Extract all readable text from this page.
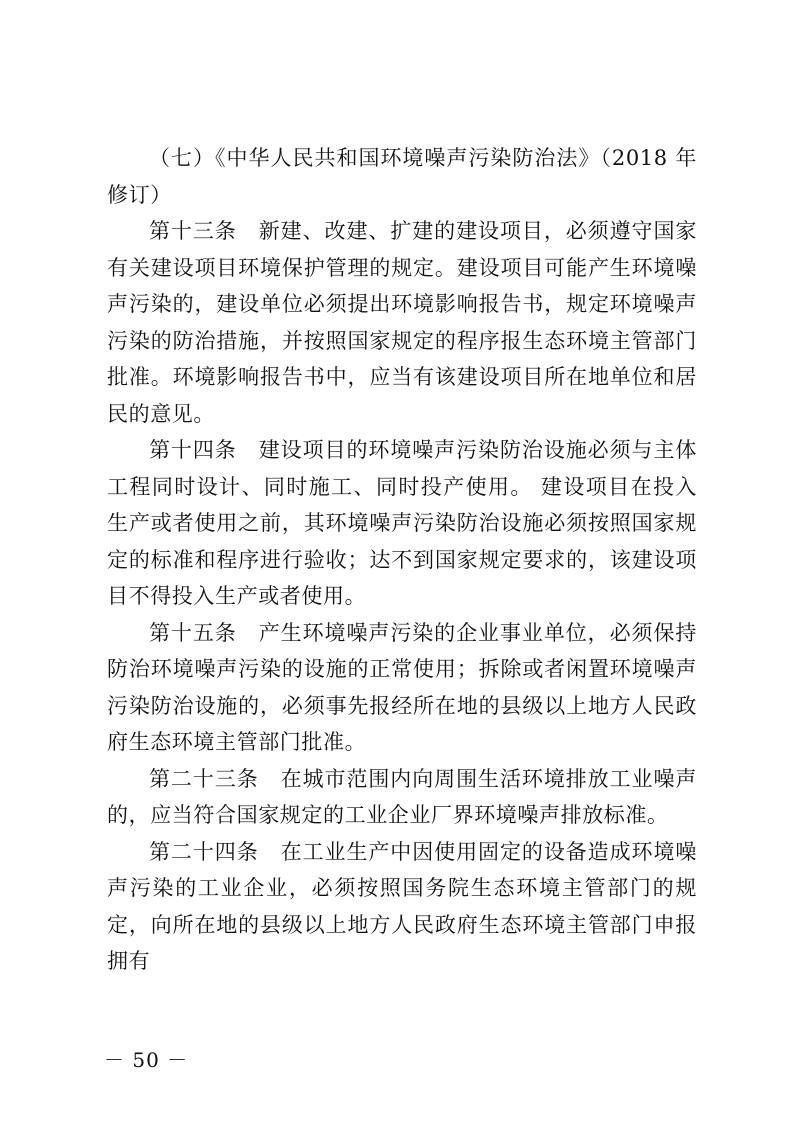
（七）《中华人民共和国环境噪声污染防治法》（2018 年修订）

第十三条 新建、改建、扩建的建设项目，必须遵守国家有关建设项目环境保护管理的规定。建设项目可能产生环境噪声污染的，建设单位必须提出环境影响报告书，规定环境噪声污染的防治措施，并按照国家规定的程序报生态环境主管部门批准。环境影响报告书中，应当有该建设项目所在地单位和居民的意见。

第十四条 建设项目的环境噪声污染防治设施必须与主体工程同时设计、同时施工、同时投产使用。 建设项目在投入生产或者使用之前，其环境噪声污染防治设施必须按照国家规定的标准和程序进行验收；达不到国家规定要求的，该建设项目不得投入生产或者使用。

第十五条 产生环境噪声污染的企业事业单位，必须保持防治环境噪声污染的设施的正常使用；拆除或者闲置环境噪声污染防治设施的，必须事先报经所在地的县级以上地方人民政府生态环境主管部门批准。

第二十三条 在城市范围内向周围生活环境排放工业噪声的，应当符合国家规定的工业企业厂界环境噪声排放标准。

第二十四条 在工业生产中因使用固定的设备造成环境噪声污染的工业企业，必须按照国务院生态环境主管部门的规定，向所在地的县级以上地方人民政府生态环境主管部门申报拥有

－ 50 －
